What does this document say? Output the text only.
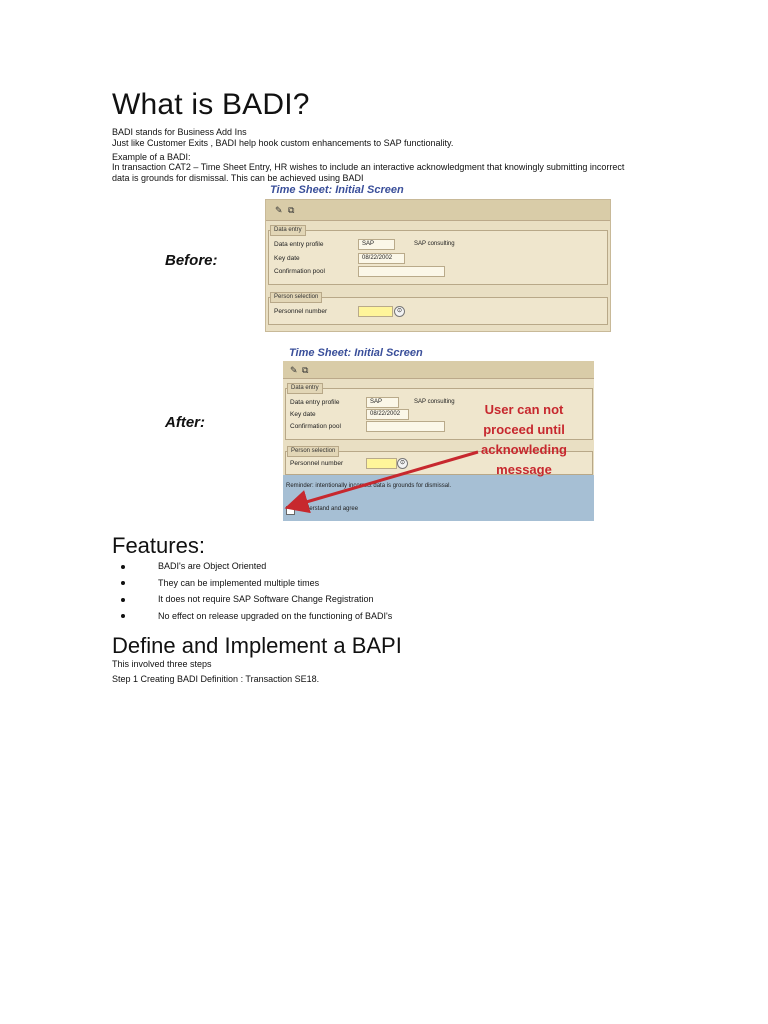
What is BADI?
BADI stands for Business Add Ins
Just like Customer Exits , BADI help hook custom enhancements to SAP functionality.
Example of a BADI:
In transaction CAT2 – Time Sheet Entry, HR wishes to include an interactive acknowledgment that knowingly submitting incorrect
data is grounds for dismissal. This can be achieved using BADI
Before:
Time Sheet: Initial Screen
✎ ⧉
Data entry
Data entry profile	SAP	SAP consulting
Key date	08/22/2002
Confirmation pool
Person selection
Personnel number	⊙
After:
Time Sheet: Initial Screen
✎ ⧉
Data entry
Data entry profile	SAP	SAP consulting
Key date	08/22/2002
Confirmation pool
Person selection
Personnel number	⊙
Reminder: intentionally incorrect data is grounds for dismissal.
I understand and agree
User can not
proceed until
acknowleding
message
Features:
BADI's are Object Oriented
They can be implemented multiple times
It does not require SAP Software Change Registration
No effect on release upgraded on the functioning of BADI's
Define and Implement a BAPI
This involved three steps
Step 1 Creating BADI Definition : Transaction SE18.
